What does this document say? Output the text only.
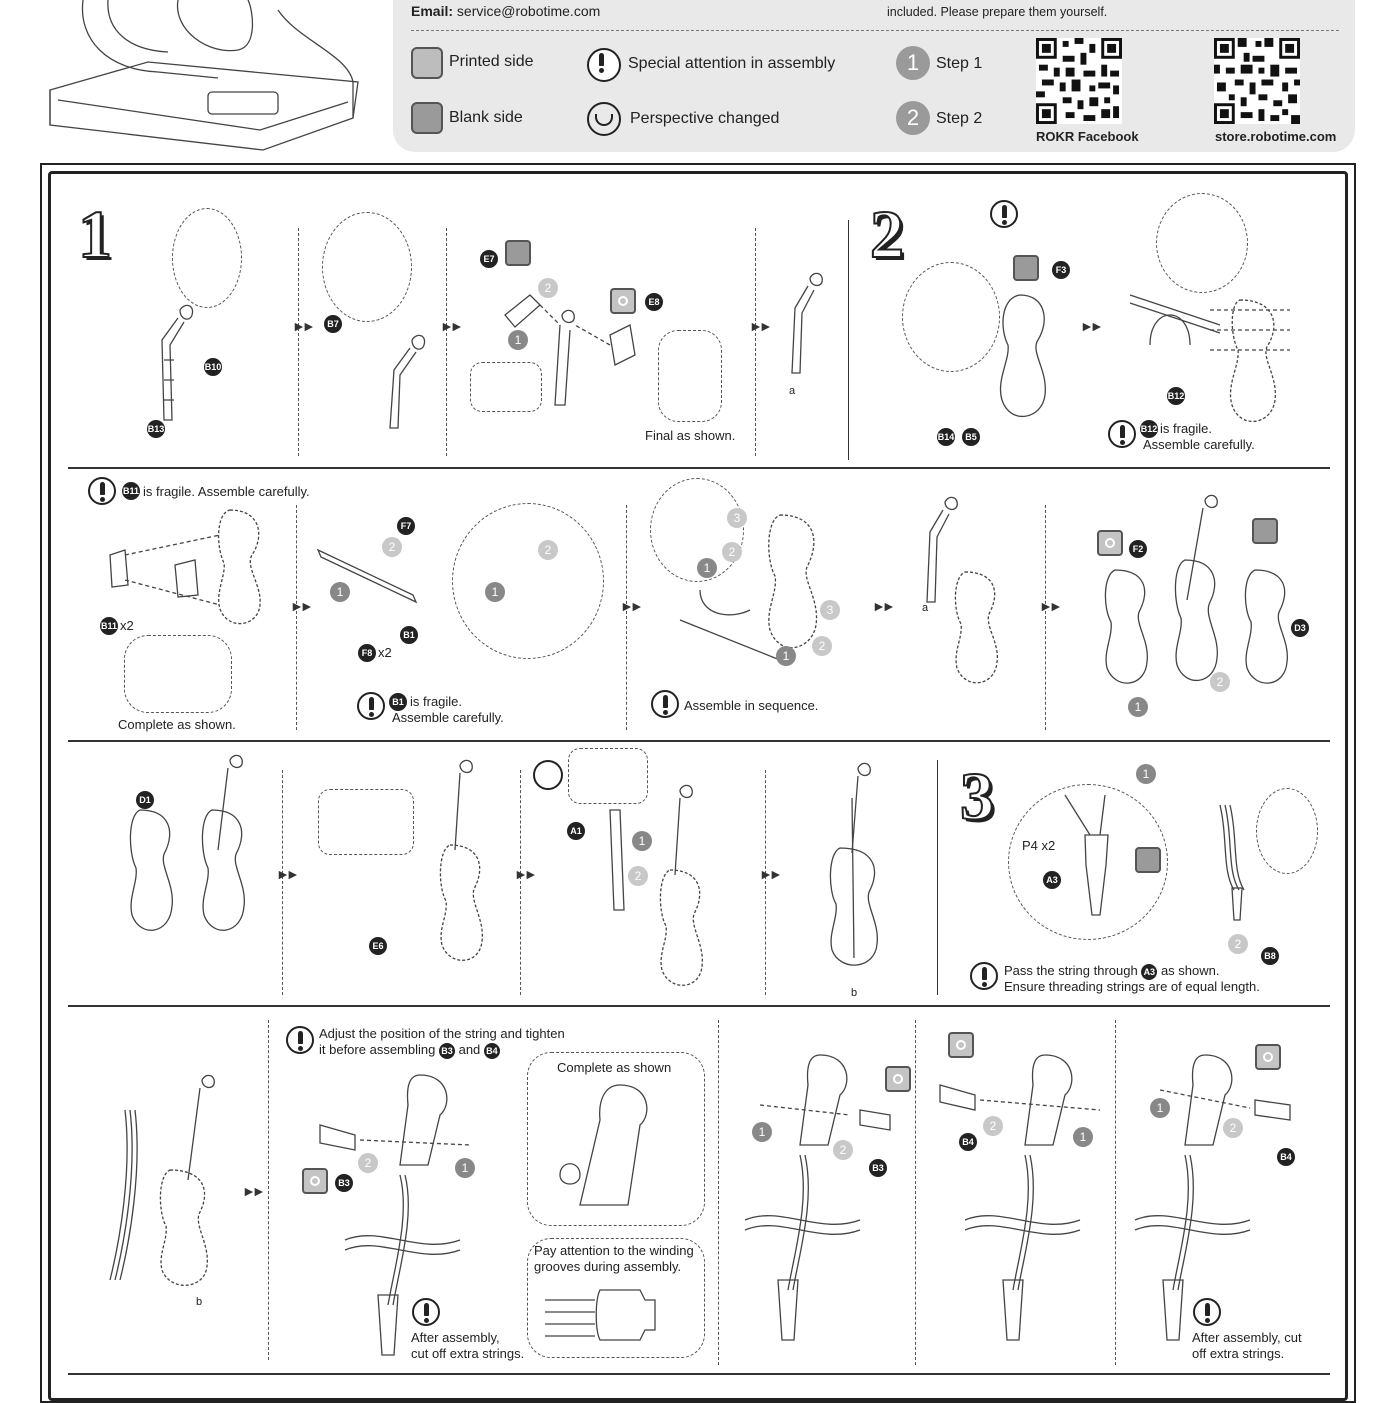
Email: service@robotime.com	included. Please prepare them yourself.
Printed side
Blank side
Special attention in assembly
Perspective changed
1	Step 1
2	Step 2
ROKR Facebook	store.robotime.com
1
B10
B13
►►	B7	►►
E7
2
E8
1
Final as shown.
►►
a
2	F3
B14	B5
►►
B12
B12 is fragile.
Assemble carefully.
B11 is fragile. Assemble carefully.
B11 x2
Complete as shown.
►►
F7
2
1
B1
F8 x2
2
1
B1 is fragile.
Assemble carefully.
►►
3
2
1
3
2
1
Assemble in sequence.
►►	a	►►
F2
D3
2
1
D1
►►
E6
►►
A1
1
2	►►
b
3	1
P4 x2
A3
2
B8
Pass the string through A3 as shown.
Ensure threading strings are of equal length.
b
►►
Adjust the position of the string and tighten
it before assembling B3 and B4
B3
2	1
After assembly,
cut off extra strings.
Complete as shown
Pay attention to the winding
grooves during assembly.
1
2
B3
B4
2
1
1
2
B4
After assembly, cut
off extra strings.
